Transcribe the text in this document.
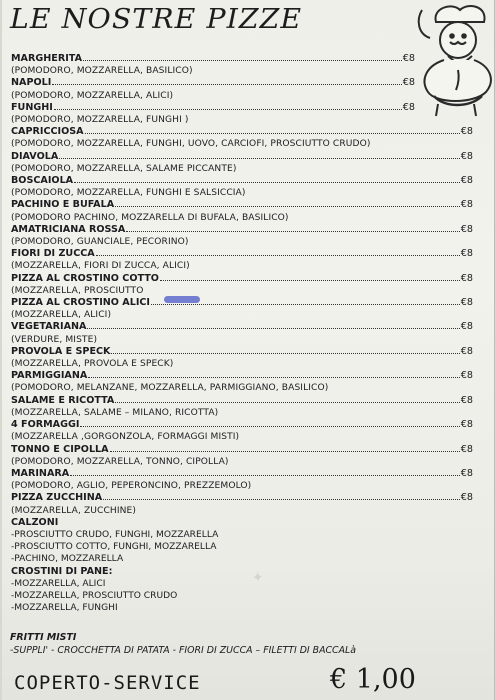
LE NOSTRE PIZZE
MARGHERITA	€8
(POMODORO, MOZZARELLA, BASILICO)
NAPOLI	€8
(POMODORO, MOZZARELLA, ALICI)
FUNGHI	€8
(POMODORO, MOZZARELLA, FUNGHI )
CAPRICCIOSA	€8
(POMODORO, MOZZARELLA, FUNGHI, UOVO, CARCIOFI, PROSCIUTTO CRUDO)
DIAVOLA	€8
(POMODORO, MOZZARELLA, SALAME PICCANTE)
BOSCAIOLA	€8
(POMODORO, MOZZARELLA, FUNGHI E SALSICCIA)
PACHINO E BUFALA	€8
(POMODORO PACHINO, MOZZARELLA DI BUFALA, BASILICO)
AMATRICIANA ROSSA	€8
(POMODORO, GUANCIALE, PECORINO)
FIORI DI ZUCCA	€8
(MOZZARELLA, FIORI DI ZUCCA, ALICI)
PIZZA AL CROSTINO COTTO	€8
(MOZZARELLA, PROSCIUTTO
PIZZA AL CROSTINO ALICI	€8
(MOZZARELLA, ALICI)
VEGETARIANA	€8
(VERDURE, MISTE)
PROVOLA E SPECK	€8
(MOZZARELLA, PROVOLA E SPECK)
PARMIGGIANA	€8
(POMODORO, MELANZANE, MOZZARELLA, PARMIGGIANO, BASILICO)
SALAME E RICOTTA	€8
(MOZZARELLA, SALAME – MILANO, RICOTTA)
4 FORMAGGI	€8
(MOZZARELLA ,GORGONZOLA, FORMAGGI MISTI)
TONNO E CIPOLLA	€8
(POMODORO, MOZZARELLA, TONNO, CIPOLLA)
MARINARA	€8
(POMODORO, AGLIO, PEPERONCINO, PREZZEMOLO)
PIZZA ZUCCHINA	€8
(MOZZARELLA, ZUCCHINE)
CALZONI
-PROSCIUTTO CRUDO, FUNGHI, MOZZARELLA
-PROSCIUTTO COTTO, FUNGHI, MOZZARELLA
-PACHINO, MOZZARELLA
CROSTINI DI PANE:
-MOZZARELLA, ALICI
-MOZZARELLA, PROSCIUTTO CRUDO
-MOZZARELLA, FUNGHI
✦
FRITTI MISTI
-SUPPLI' - CROCCHETTA DI PATATA - FIORI DI ZUCCA – FILETTI DI BACCALà
COPERTO-SERVICE	€ 1,00
